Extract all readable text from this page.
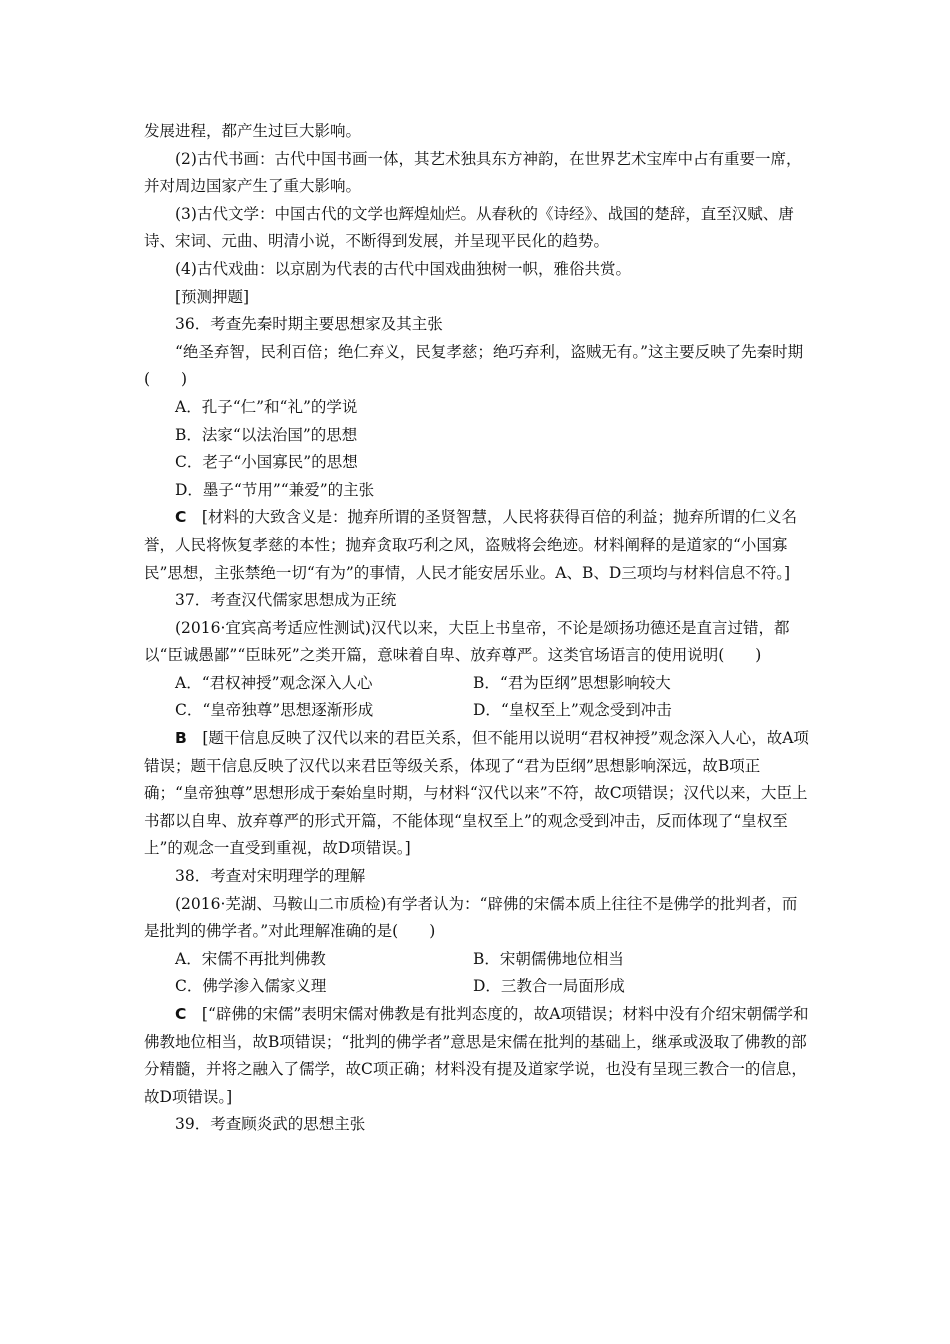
发展进程，都产生过巨大影响。

(2)古代书画：古代中国书画一体，其艺术独具东方神韵，在世界艺术宝库中占有重要一席，并对周边国家产生了重大影响。

(3)古代文学：中国古代的文学也辉煌灿烂。从春秋的《诗经》、战国的楚辞，直至汉赋、唐诗、宋词、元曲、明清小说，不断得到发展，并呈现平民化的趋势。

(4)古代戏曲：以京剧为代表的古代中国戏曲独树一帜，雅俗共赏。

[预测押题]

36．考查先秦时期主要思想家及其主张

“绝圣弃智，民利百倍；绝仁弃义，民复孝慈；绝巧弃利，盗贼无有。”这主要反映了先秦时期(　　)

A．孔子“仁”和“礼”的学说

B．法家“以法治国”的思想

C．老子“小国寡民”的思想

D．墨子“节用”“兼爱”的主张

C　[材料的大致含义是：抛弃所谓的圣贤智慧，人民将获得百倍的利益；抛弃所谓的仁义名誉，人民将恢复孝慈的本性；抛弃贪取巧利之风，盗贼将会绝迹。材料阐释的是道家的“小国寡民”思想，主张禁绝一切“有为”的事情，人民才能安居乐业。A、B、D三项均与材料信息不符。]

37．考查汉代儒家思想成为正统

(2016·宜宾高考适应性测试)汉代以来，大臣上书皇帝，不论是颂扬功德还是直言过错，都以“臣诚愚鄙”“臣昧死”之类开篇，意味着自卑、放弃尊严。这类官场语言的使用说明(　　)

A．“君权神授”观念深入人心	B．“君为臣纲”思想影响较大
C．“皇帝独尊”思想逐渐形成	D．“皇权至上”观念受到冲击

B　[题干信息反映了汉代以来的君臣关系，但不能用以说明“君权神授”观念深入人心，故A项错误；题干信息反映了汉代以来君臣等级关系，体现了“君为臣纲”思想影响深远，故B项正确；“皇帝独尊”思想形成于秦始皇时期，与材料“汉代以来”不符，故C项错误；汉代以来，大臣上书都以自卑、放弃尊严的形式开篇，不能体现“皇权至上”的观念受到冲击，反而体现了“皇权至上”的观念一直受到重视，故D项错误。]

38．考查对宋明理学的理解

(2016·芜湖、马鞍山二市质检)有学者认为：“辟佛的宋儒本质上往往不是佛学的批判者，而是批判的佛学者。”对此理解准确的是(　　)

A．宋儒不再批判佛教	B．宋朝儒佛地位相当
C．佛学渗入儒家义理	D．三教合一局面形成

C　[“辟佛的宋儒”表明宋儒对佛教是有批判态度的，故A项错误；材料中没有介绍宋朝儒学和佛教地位相当，故B项错误；“批判的佛学者”意思是宋儒在批判的基础上，继承或汲取了佛教的部分精髓，并将之融入了儒学，故C项正确；材料没有提及道家学说，也没有呈现三教合一的信息，故D项错误。]

39．考查顾炎武的思想主张
